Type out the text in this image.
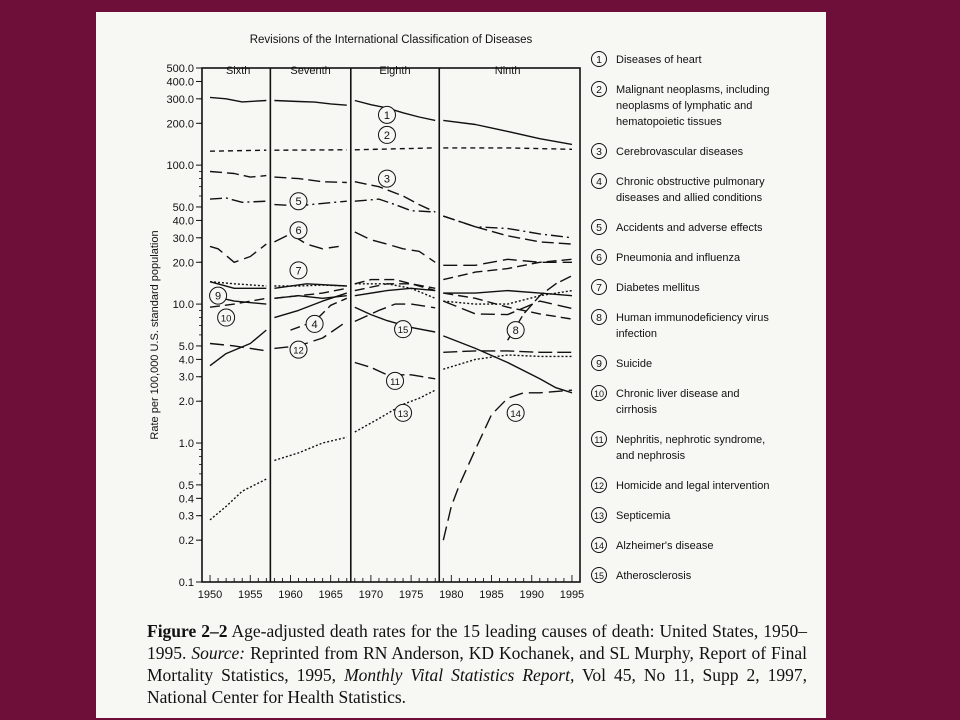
1
2
3
4
5
6
7
8
9
10
11
12
13	14
15
Revisions of the International Classification of Diseases
Sixth	Seventh	Eighth	Ninth
500.0
400.0
300.0
200.0
100.0
50.0
40.0
30.0
20.0
10.0
5.0
4.0
3.0
2.0
1.0
0.5
0.4
0.3
0.2
0.1
Rate per 100,000 U.S. standard population
1950 1955 1960 1965 1970 1975 1980 1985 1990 1995
1 Diseases of heart
2 Malignant neoplasms, including
neoplasms of lymphatic and
hematopoietic tissues
3 Cerebrovascular diseases
4 Chronic obstructive pulmonary
diseases and allied conditions
5 Accidents and adverse effects
6 Pneumonia and influenza
7 Diabetes mellitus
8 Human immunodeficiency virus
infection
9 Suicide
10 Chronic liver disease and
cirrhosis
11 Nephritis, nephrotic syndrome,
and nephrosis
12 Homicide and legal intervention
13 Septicemia
14 Alzheimer's disease
15 Atherosclerosis
Figure 2–2 Age-adjusted death rates for the 15 leading causes of death: United States, 1950–1995. Source: Reprinted from RN Anderson, KD Kochanek, and SL Murphy, Report of Final Mortality Statistics, 1995, Monthly Vital Statistics Report, Vol 45, No 11, Supp 2, 1997, National Center for Health Statistics.
